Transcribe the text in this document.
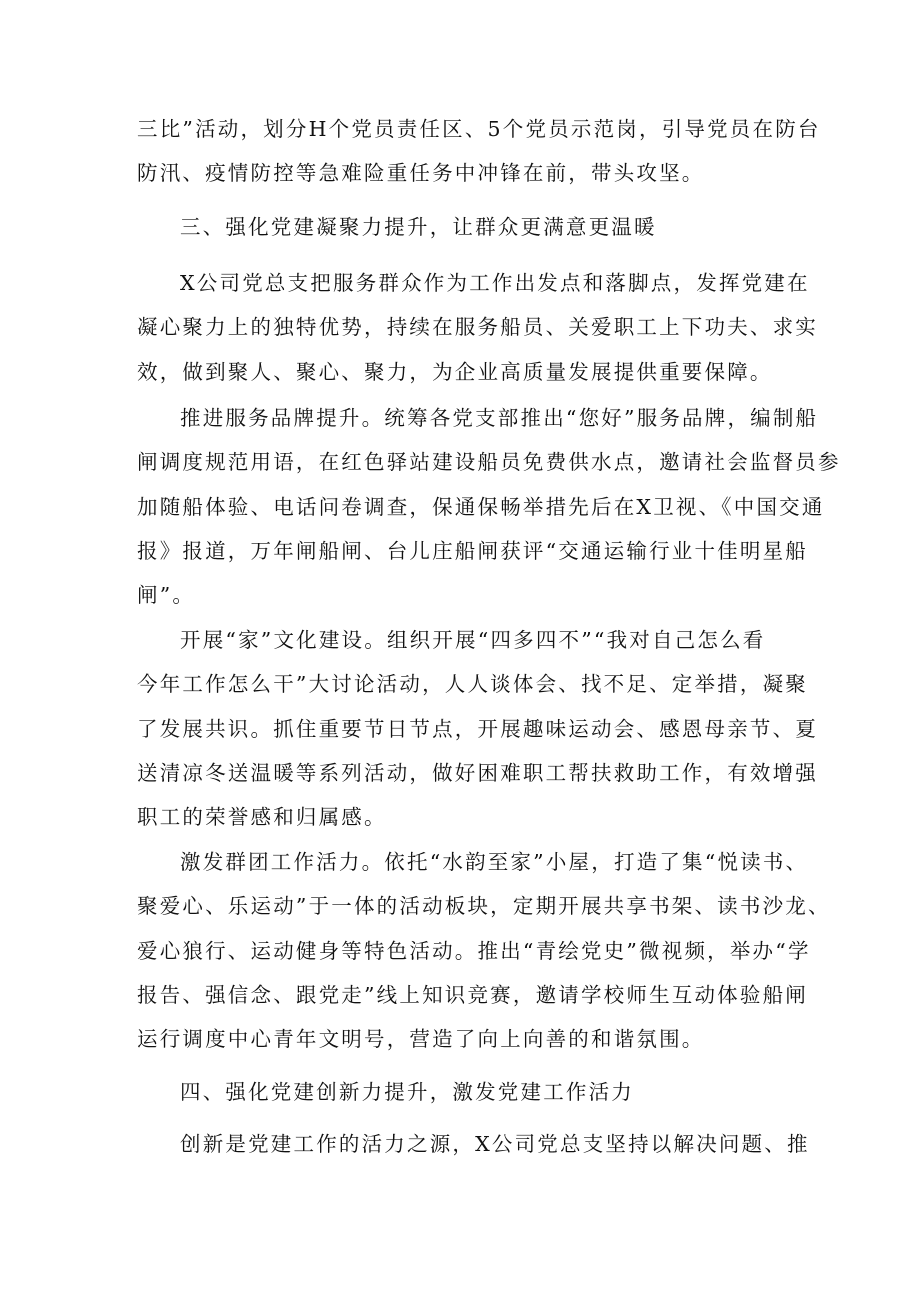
三比”活动，划分H个党员责任区、5个党员示范岗，引导党员在防台
防汛、疫情防控等急难险重任务中冲锋在前，带头攻坚。

三、强化党建凝聚力提升，让群众更满意更温暖

X公司党总支把服务群众作为工作出发点和落脚点，发挥党建在
凝心聚力上的独特优势，持续在服务船员、关爱职工上下功夫、求实
效，做到聚人、聚心、聚力，为企业高质量发展提供重要保障。

推进服务品牌提升。统筹各党支部推出“您好”服务品牌，编制船
闸调度规范用语，在红色驿站建设船员免费供水点，邀请社会监督员参
加随船体验、电话问卷调查，保通保畅举措先后在X卫视、《中国交通
报》报道，万年闸船闸、台儿庄船闸获评“交通运输行业十佳明星船
闸”。

开展“家”文化建设。组织开展“四多四不”“我对自己怎么看
今年工作怎么干”大讨论活动，人人谈体会、找不足、定举措，凝聚
了发展共识。抓住重要节日节点，开展趣味运动会、感恩母亲节、夏
送清凉冬送温暖等系列活动，做好困难职工帮扶救助工作，有效增强
职工的荣誉感和归属感。

激发群团工作活力。依托“水韵至家”小屋，打造了集“悦读书、
聚爱心、乐运动”于一体的活动板块，定期开展共享书架、读书沙龙、
爱心狼行、运动健身等特色活动。推出“青绘党史”微视频，举办“学
报告、强信念、跟党走”线上知识竞赛，邀请学校师生互动体验船闸
运行调度中心青年文明号，营造了向上向善的和谐氛围。

四、强化党建创新力提升，激发党建工作活力

创新是党建工作的活力之源，X公司党总支坚持以解决问题、推
